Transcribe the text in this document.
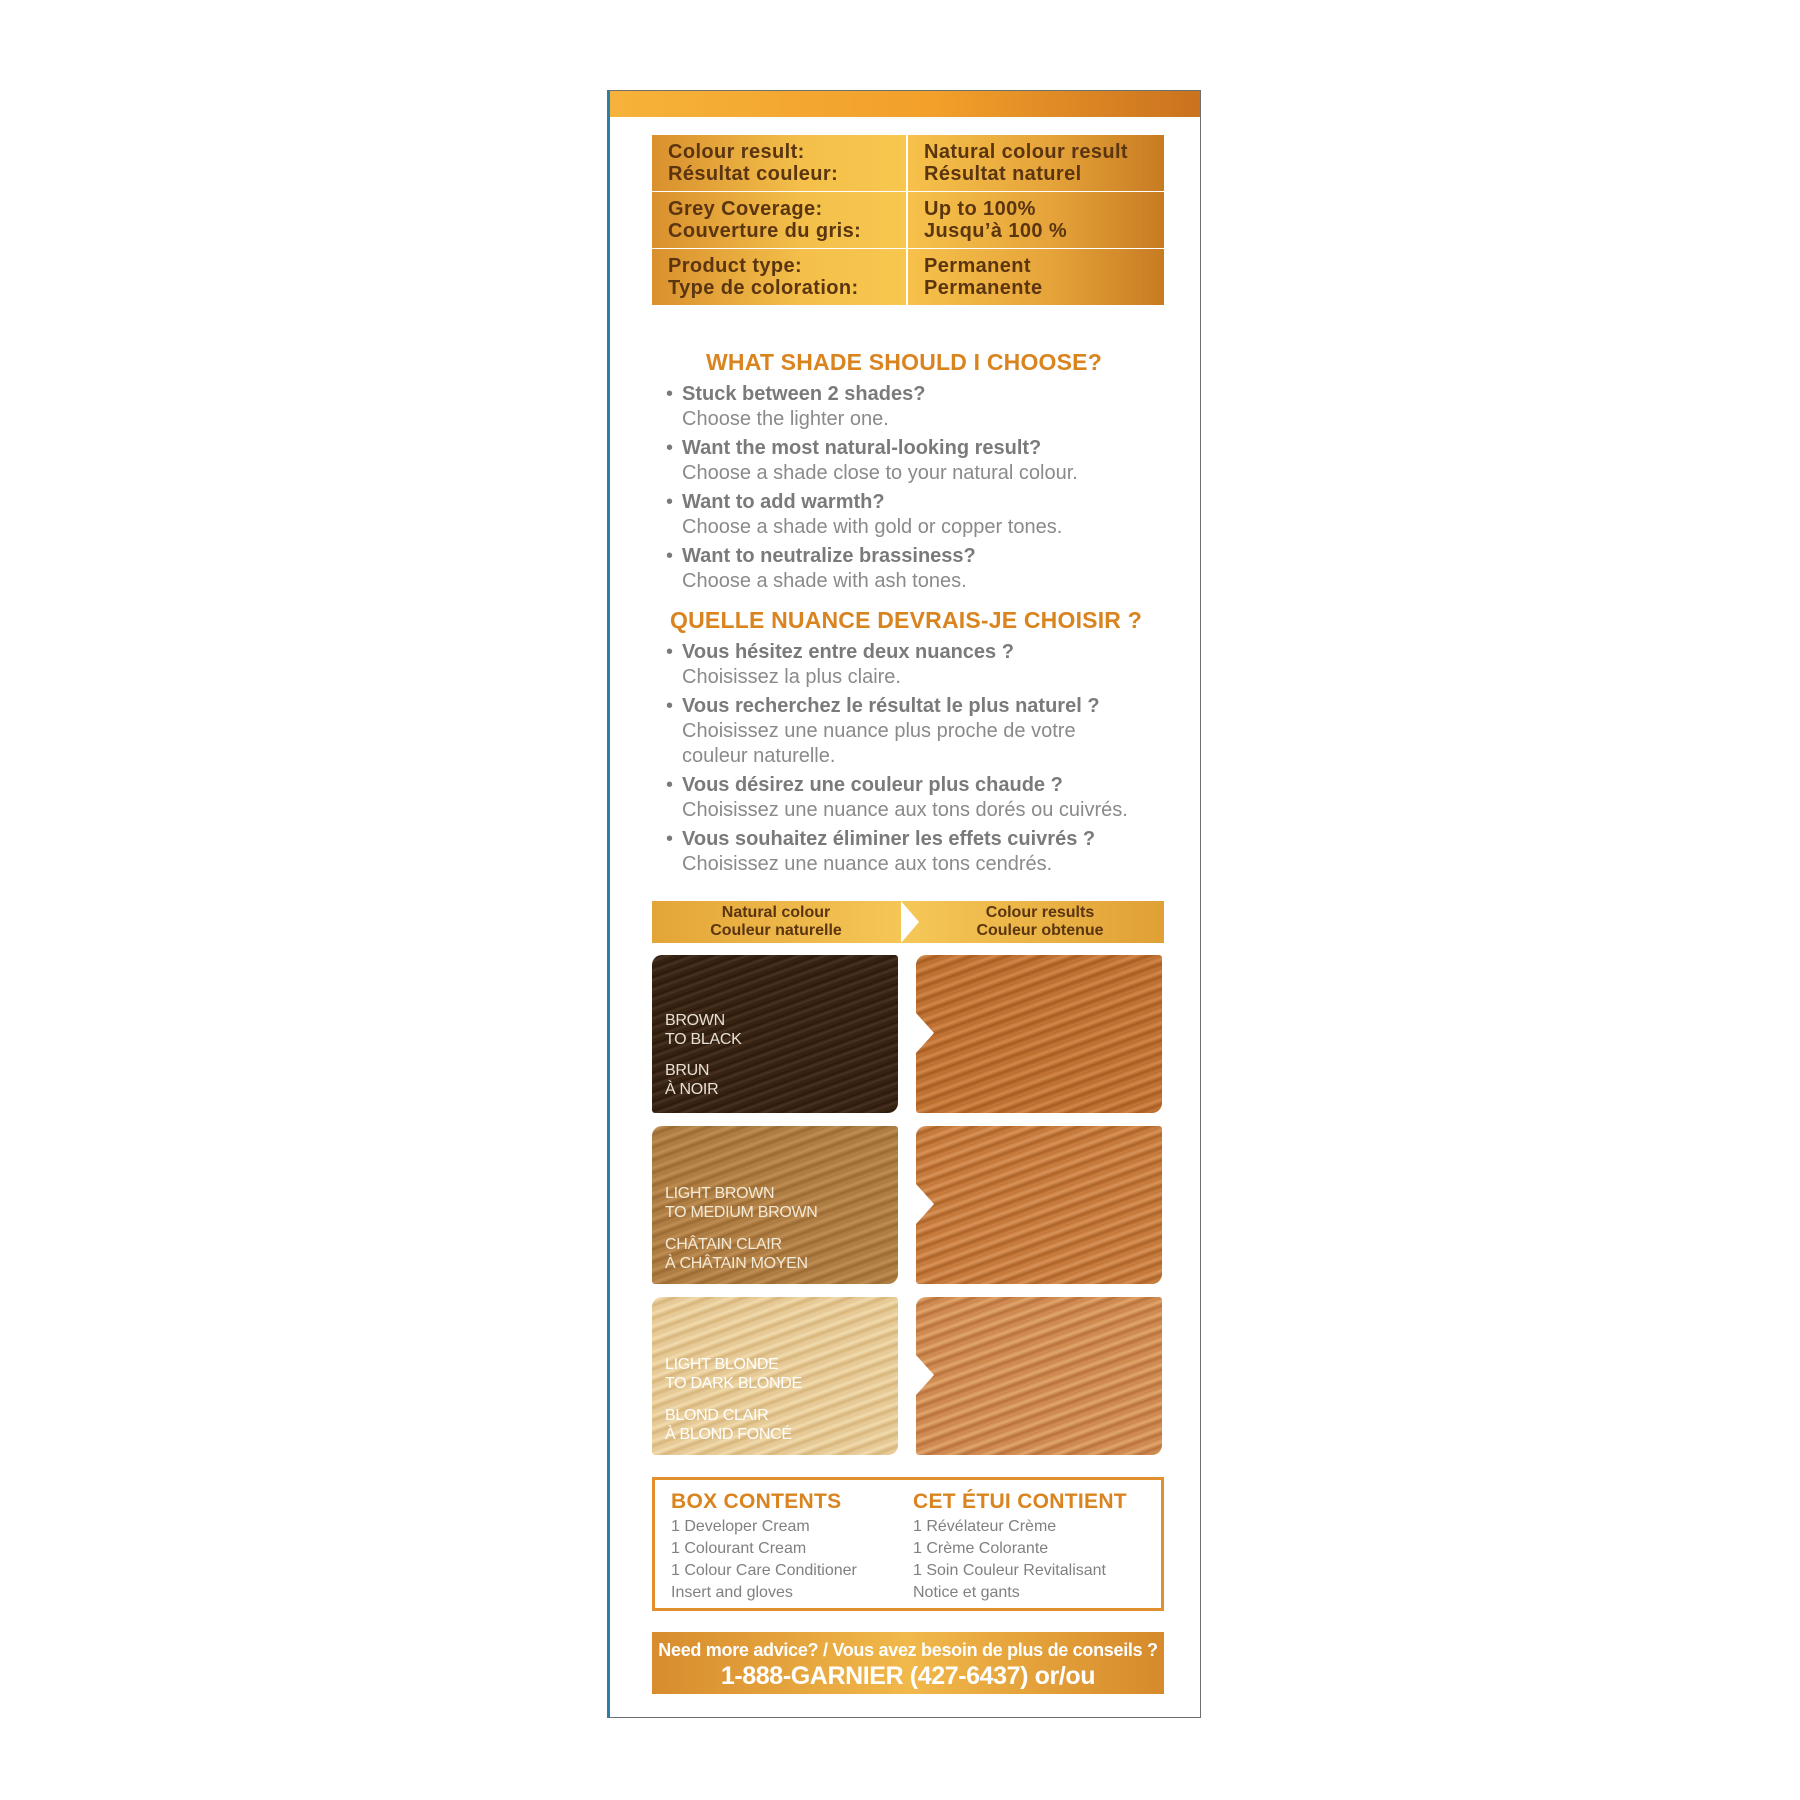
Colour result:
Résultat couleur:
Natural colour result
Résultat naturel
Grey Coverage:
Couverture du gris:
Up to 100%
Jusqu’à 100 %
Product type:
Type de coloration:
Permanent
Permanente
WHAT SHADE SHOULD I CHOOSE?
• Stuck between 2 shades?
Choose the lighter one.
• Want the most natural-looking result?
Choose a shade close to your natural colour.
• Want to add warmth?
Choose a shade with gold or copper tones.
• Want to neutralize brassiness?
Choose a shade with ash tones.
QUELLE NUANCE DEVRAIS-JE CHOISIR ?
• Vous hésitez entre deux nuances ?
Choisissez la plus claire.
• Vous recherchez le résultat le plus naturel ?
Choisissez une nuance plus proche de votre
couleur naturelle.
• Vous désirez une couleur plus chaude ?
Choisissez une nuance aux tons dorés ou cuivrés.
• Vous souhaitez éliminer les effets cuivrés ?
Choisissez une nuance aux tons cendrés.
Natural colour
Couleur naturelle
Colour results
Couleur obtenue
BROWN
TO BLACK
BRUN
À NOIR
LIGHT BROWN
TO MEDIUM BROWN
CHÂTAIN CLAIR
À CHÂTAIN MOYEN
LIGHT BLONDE
TO DARK BLONDE
BLOND CLAIR
À BLOND FONCÉ
BOX CONTENTS
1 Developer Cream
1 Colourant Cream
1 Colour Care Conditioner
Insert and gloves
CET ÉTUI CONTIENT
1 Révélateur Crème
1 Crème Colorante
1 Soin Couleur Revitalisant
Notice et gants
Need more advice? / Vous avez besoin de plus de conseils ?
1-888-GARNIER (427-6437) or/ou GARNIER.CA
